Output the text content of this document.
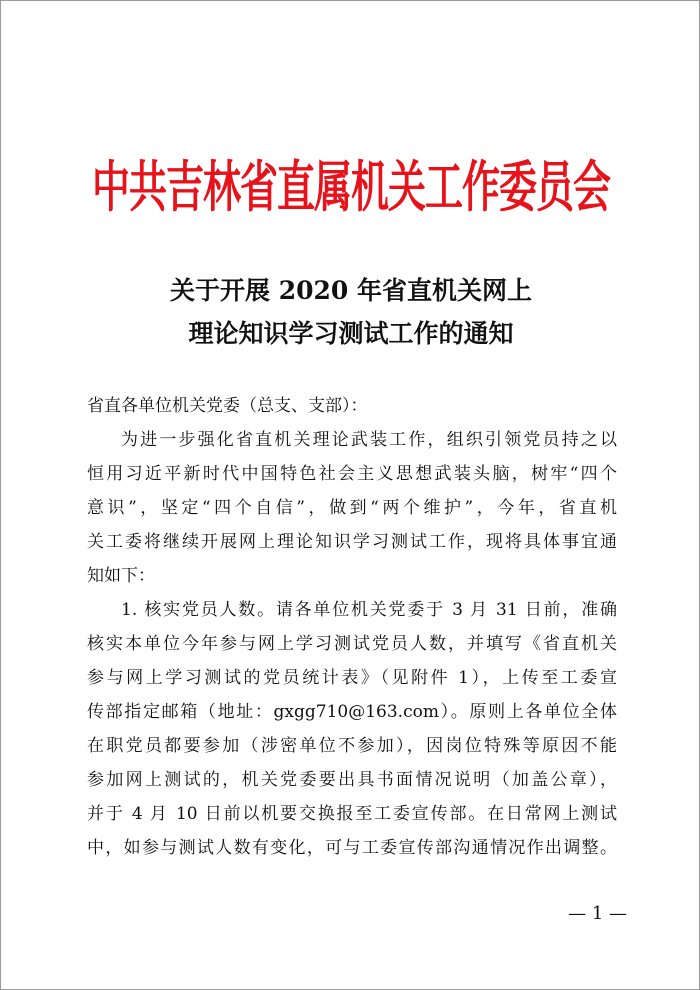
中共吉林省直属机关工作委员会
关于开展 2020 年省直机关网上
理论知识学习测试工作的通知
省直各单位机关党委（总支、支部）：
为进一步强化省直机关理论武装工作，组织引领党员持之以
恒用习近平新时代中国特色社会主义思想武装头脑，树牢“四个
意识”，坚定“四个自信”，做到“两个维护”，今年，省直机
关工委将继续开展网上理论知识学习测试工作，现将具体事宜通
知如下：
1. 核实党员人数。请各单位机关党委于 3 月 31 日前，准确
核实本单位今年参与网上学习测试党员人数，并填写《省直机关
参与网上学习测试的党员统计表》（见附件 1），上传至工委宣
传部指定邮箱（地址：gxgg710@163.com）。原则上各单位全体
在职党员都要参加（涉密单位不参加），因岗位特殊等原因不能
参加网上测试的，机关党委要出具书面情况说明（加盖公章），
并于 4 月 10 日前以机要交换报至工委宣传部。在日常网上测试
中，如参与测试人数有变化，可与工委宣传部沟通情况作出调整。
— 1 —
